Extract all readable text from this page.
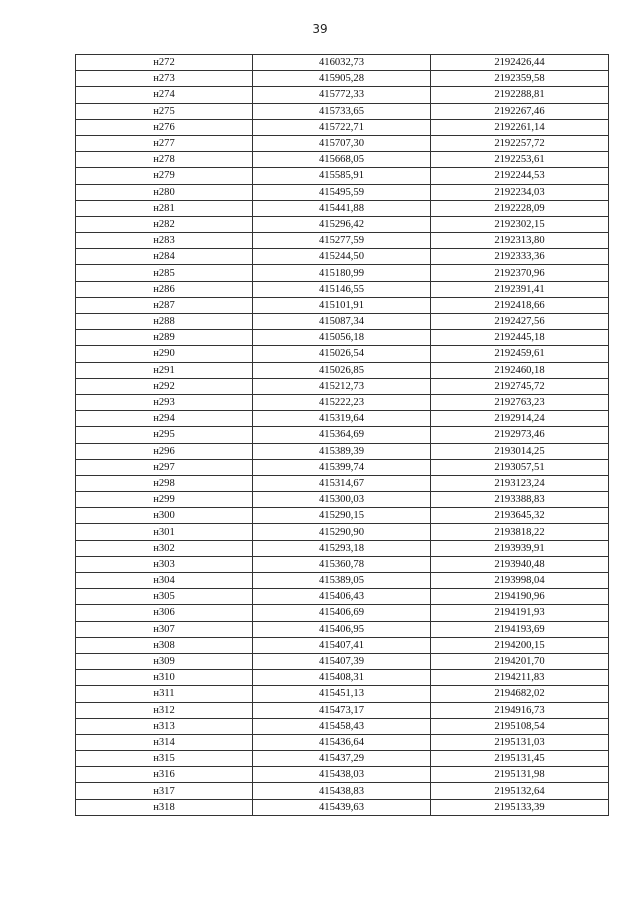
39
н272	416032,73	2192426,44
н273	415905,28	2192359,58
н274	415772,33	2192288,81
н275	415733,65	2192267,46
н276	415722,71	2192261,14
н277	415707,30	2192257,72
н278	415668,05	2192253,61
н279	415585,91	2192244,53
н280	415495,59	2192234,03
н281	415441,88	2192228,09
н282	415296,42	2192302,15
н283	415277,59	2192313,80
н284	415244,50	2192333,36
н285	415180,99	2192370,96
н286	415146,55	2192391,41
н287	415101,91	2192418,66
н288	415087,34	2192427,56
н289	415056,18	2192445,18
н290	415026,54	2192459,61
н291	415026,85	2192460,18
н292	415212,73	2192745,72
н293	415222,23	2192763,23
н294	415319,64	2192914,24
н295	415364,69	2192973,46
н296	415389,39	2193014,25
н297	415399,74	2193057,51
н298	415314,67	2193123,24
н299	415300,03	2193388,83
н300	415290,15	2193645,32
н301	415290,90	2193818,22
н302	415293,18	2193939,91
н303	415360,78	2193940,48
н304	415389,05	2193998,04
н305	415406,43	2194190,96
н306	415406,69	2194191,93
н307	415406,95	2194193,69
н308	415407,41	2194200,15
н309	415407,39	2194201,70
н310	415408,31	2194211,83
н311	415451,13	2194682,02
н312	415473,17	2194916,73
н313	415458,43	2195108,54
н314	415436,64	2195131,03
н315	415437,29	2195131,45
н316	415438,03	2195131,98
н317	415438,83	2195132,64
н318	415439,63	2195133,39
